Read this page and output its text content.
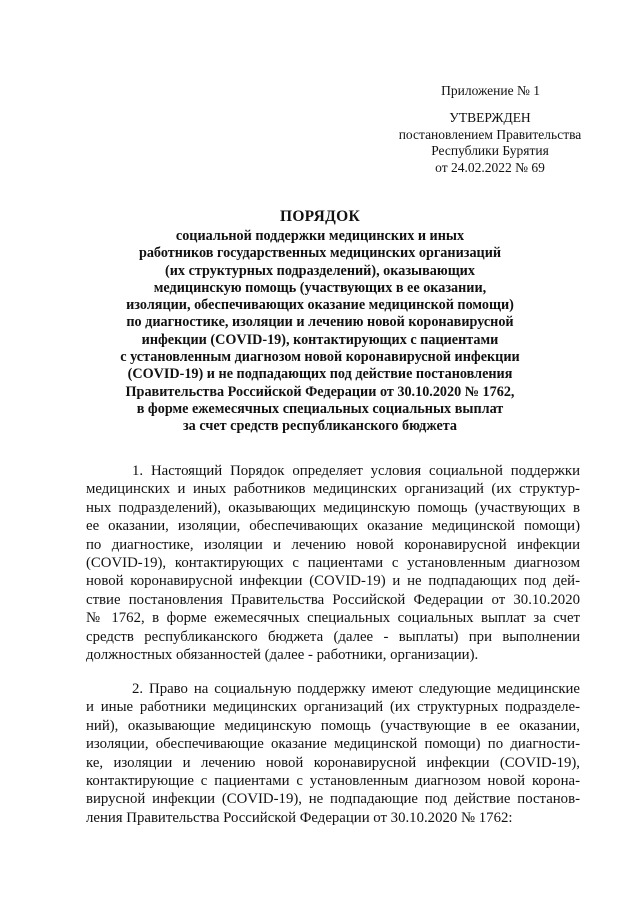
Приложение № 1
УТВЕРЖДЕН
постановлением Правительства
Республики Бурятия
от 24.02.2022 № 69
ПОРЯДОК
социальной поддержки медицинских и иных
работников государственных медицинских организаций
(их структурных подразделений), оказывающих
медицинскую помощь (участвующих в ее оказании,
изоляции, обеспечивающих оказание медицинской помощи)
по диагностике, изоляции и лечению новой коронавирусной
инфекции (COVID-19), контактирующих с пациентами
с установленным диагнозом новой коронавирусной инфекции
(COVID-19) и не подпадающих под действие постановления
Правительства Российской Федерации от 30.10.2020 № 1762,
в форме ежемесячных специальных социальных выплат
за счет средств республиканского бюджета
1. Настоящий Порядок определяет условия социальной поддержки
медицинских и иных работников медицинских организаций (их структур-
ных подразделений), оказывающих медицинскую помощь (участвующих в
ее оказании, изоляции, обеспечивающих оказание медицинской помощи)
по диагностике, изоляции и лечению новой коронавирусной инфекции
(COVID-19), контактирующих с пациентами с установленным диагнозом
новой коронавирусной инфекции (COVID-19) и не подпадающих под дей-
ствие постановления Правительства Российской Федерации от 30.10.2020
№ 1762, в форме ежемесячных специальных социальных выплат за счет
средств республиканского бюджета (далее - выплаты) при выполнении
должностных обязанностей (далее - работники, организации).
2. Право на социальную поддержку имеют следующие медицинские
и иные работники медицинских организаций (их структурных подразделе-
ний), оказывающие медицинскую помощь (участвующие в ее оказании,
изоляции, обеспечивающие оказание медицинской помощи) по диагности-
ке, изоляции и лечению новой коронавирусной инфекции (COVID-19),
контактирующие с пациентами с установленным диагнозом новой корона-
вирусной инфекции (COVID-19), не подпадающие под действие постанов-
ления Правительства Российской Федерации от 30.10.2020 № 1762:
